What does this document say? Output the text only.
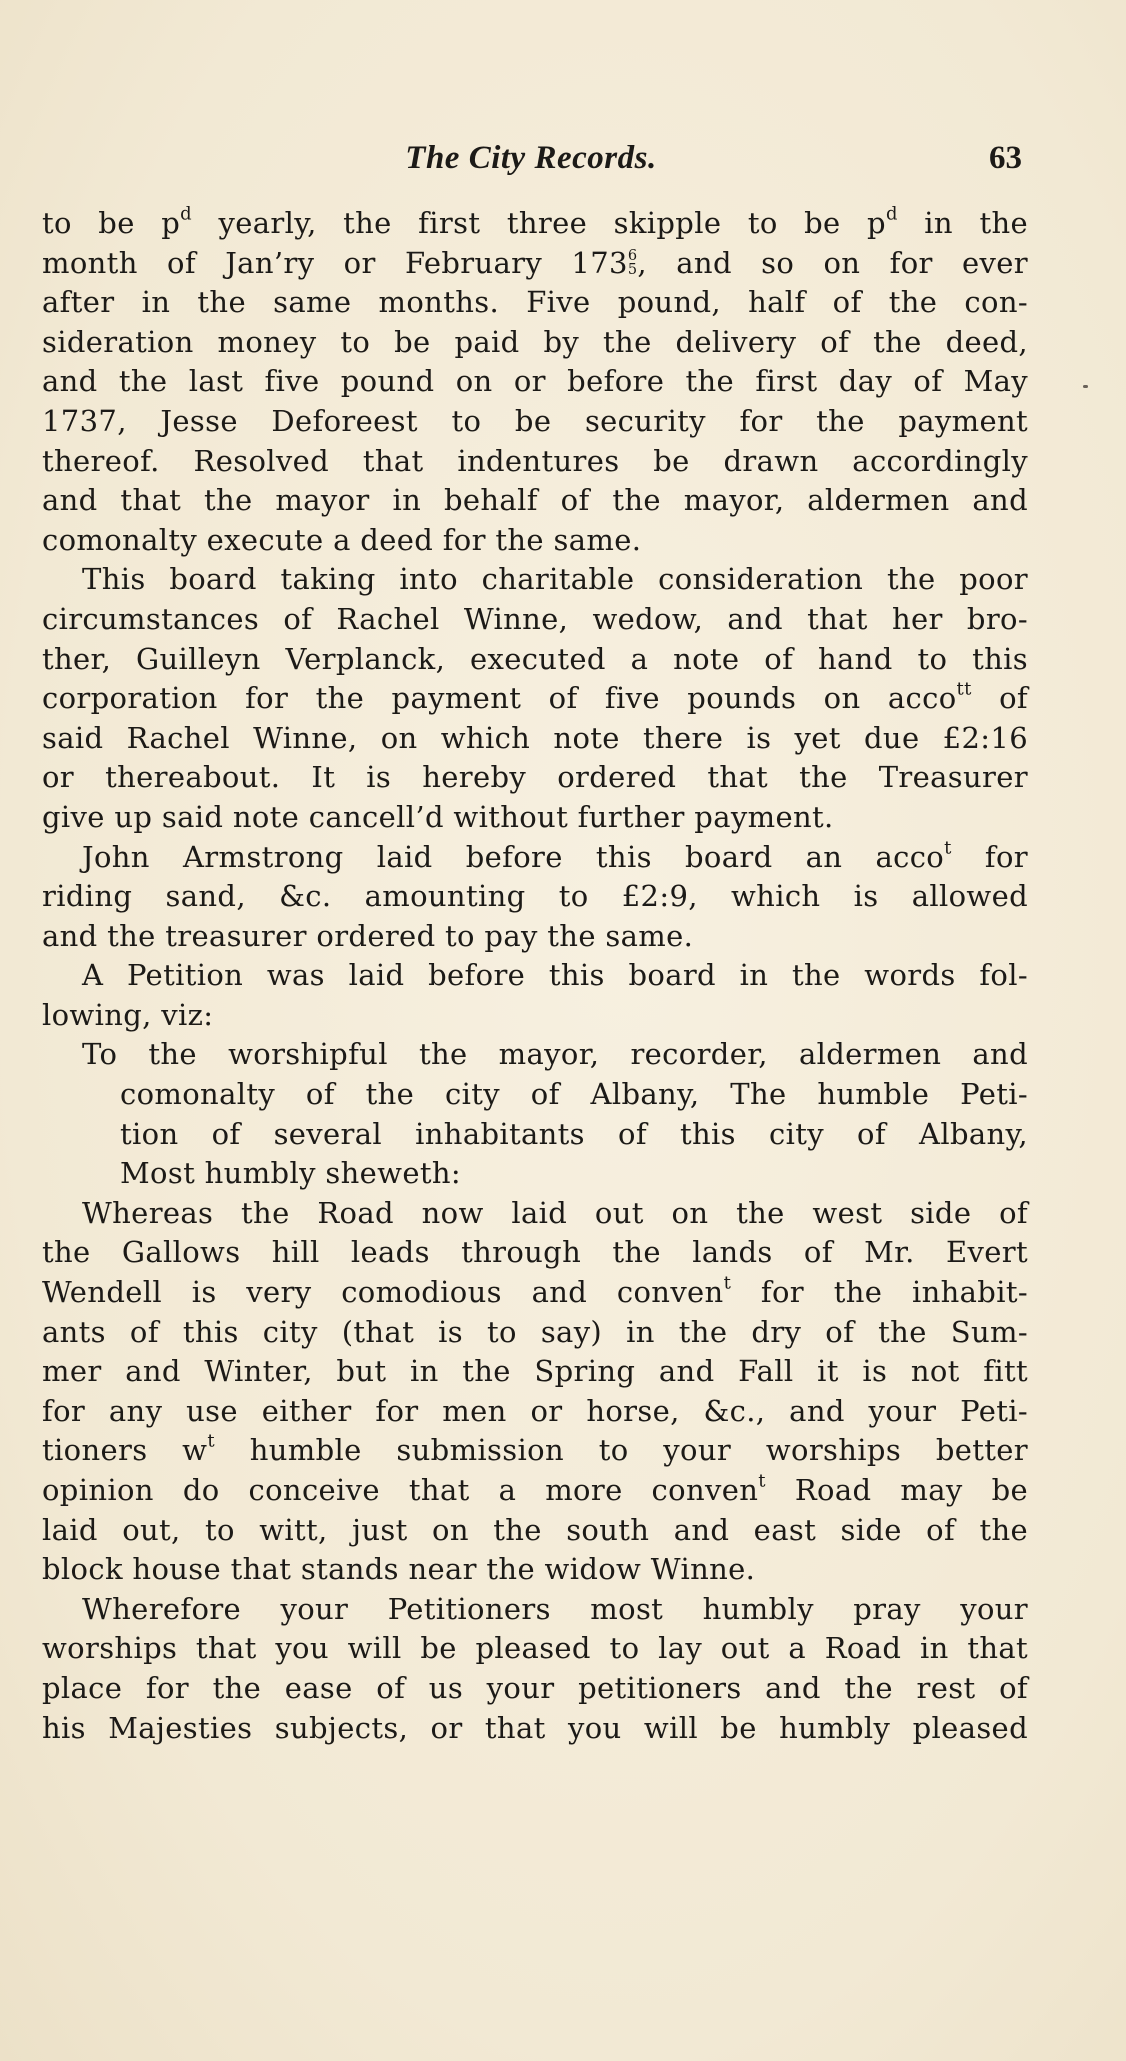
The City Records.	63
to be $p^d$ yearly, the first three skipple to be $p^d$ in the
month of Jan’ry or February 173 6
5 , and so on for ever
after in the same months. Five pound, half of the con-
sideration money to be paid by the delivery of the deed,
and the last five pound on or before the first day of May
1737, Jesse Deforeest to be security for the payment
thereof. Resolved that indentures be drawn accordingly
and that the mayor in behalf of the mayor, aldermen and
comonalty execute a deed for the same.
This board taking into charitable consideration the poor
circumstances of Rachel Winne, wedow, and that her bro-
ther, Guilleyn Verplanck, executed a note of hand to this
corporation for the payment of five pounds on acco$^{tt}$ of
said Rachel Winne, on which note there is yet due £2:16
or thereabout. It is hereby ordered that the Treasurer
give up said note cancell’d without further payment.
John Armstrong laid before this board an acco$^t$ for
riding sand, &c. amounting to £2:9, which is allowed
and the treasurer ordered to pay the same.
A Petition was laid before this board in the words fol-
lowing, viz:
To the worshipful the mayor, recorder, aldermen and
comonalty of the city of Albany, The humble Peti-
tion of several inhabitants of this city of Albany,
Most humbly sheweth:
Whereas the Road now laid out on the west side of
the Gallows hill leads through the lands of Mr. Evert
Wendell is very comodious and conven$^t$ for the inhabit-
ants of this city (that is to say) in the dry of the Sum-
mer and Winter, but in the Spring and Fall it is not fitt
for any use either for men or horse, &c., and your Peti-
tioners $w^t$ humble submission to your worships better
opinion do conceive that a more conven$^t$ Road may be
laid out, to witt, just on the south and east side of the
block house that stands near the widow Winne.
Wherefore your Petitioners most humbly pray your
worships that you will be pleased to lay out a Road in that
place for the ease of us your petitioners and the rest of
his Majesties subjects, or that you will be humbly pleased
